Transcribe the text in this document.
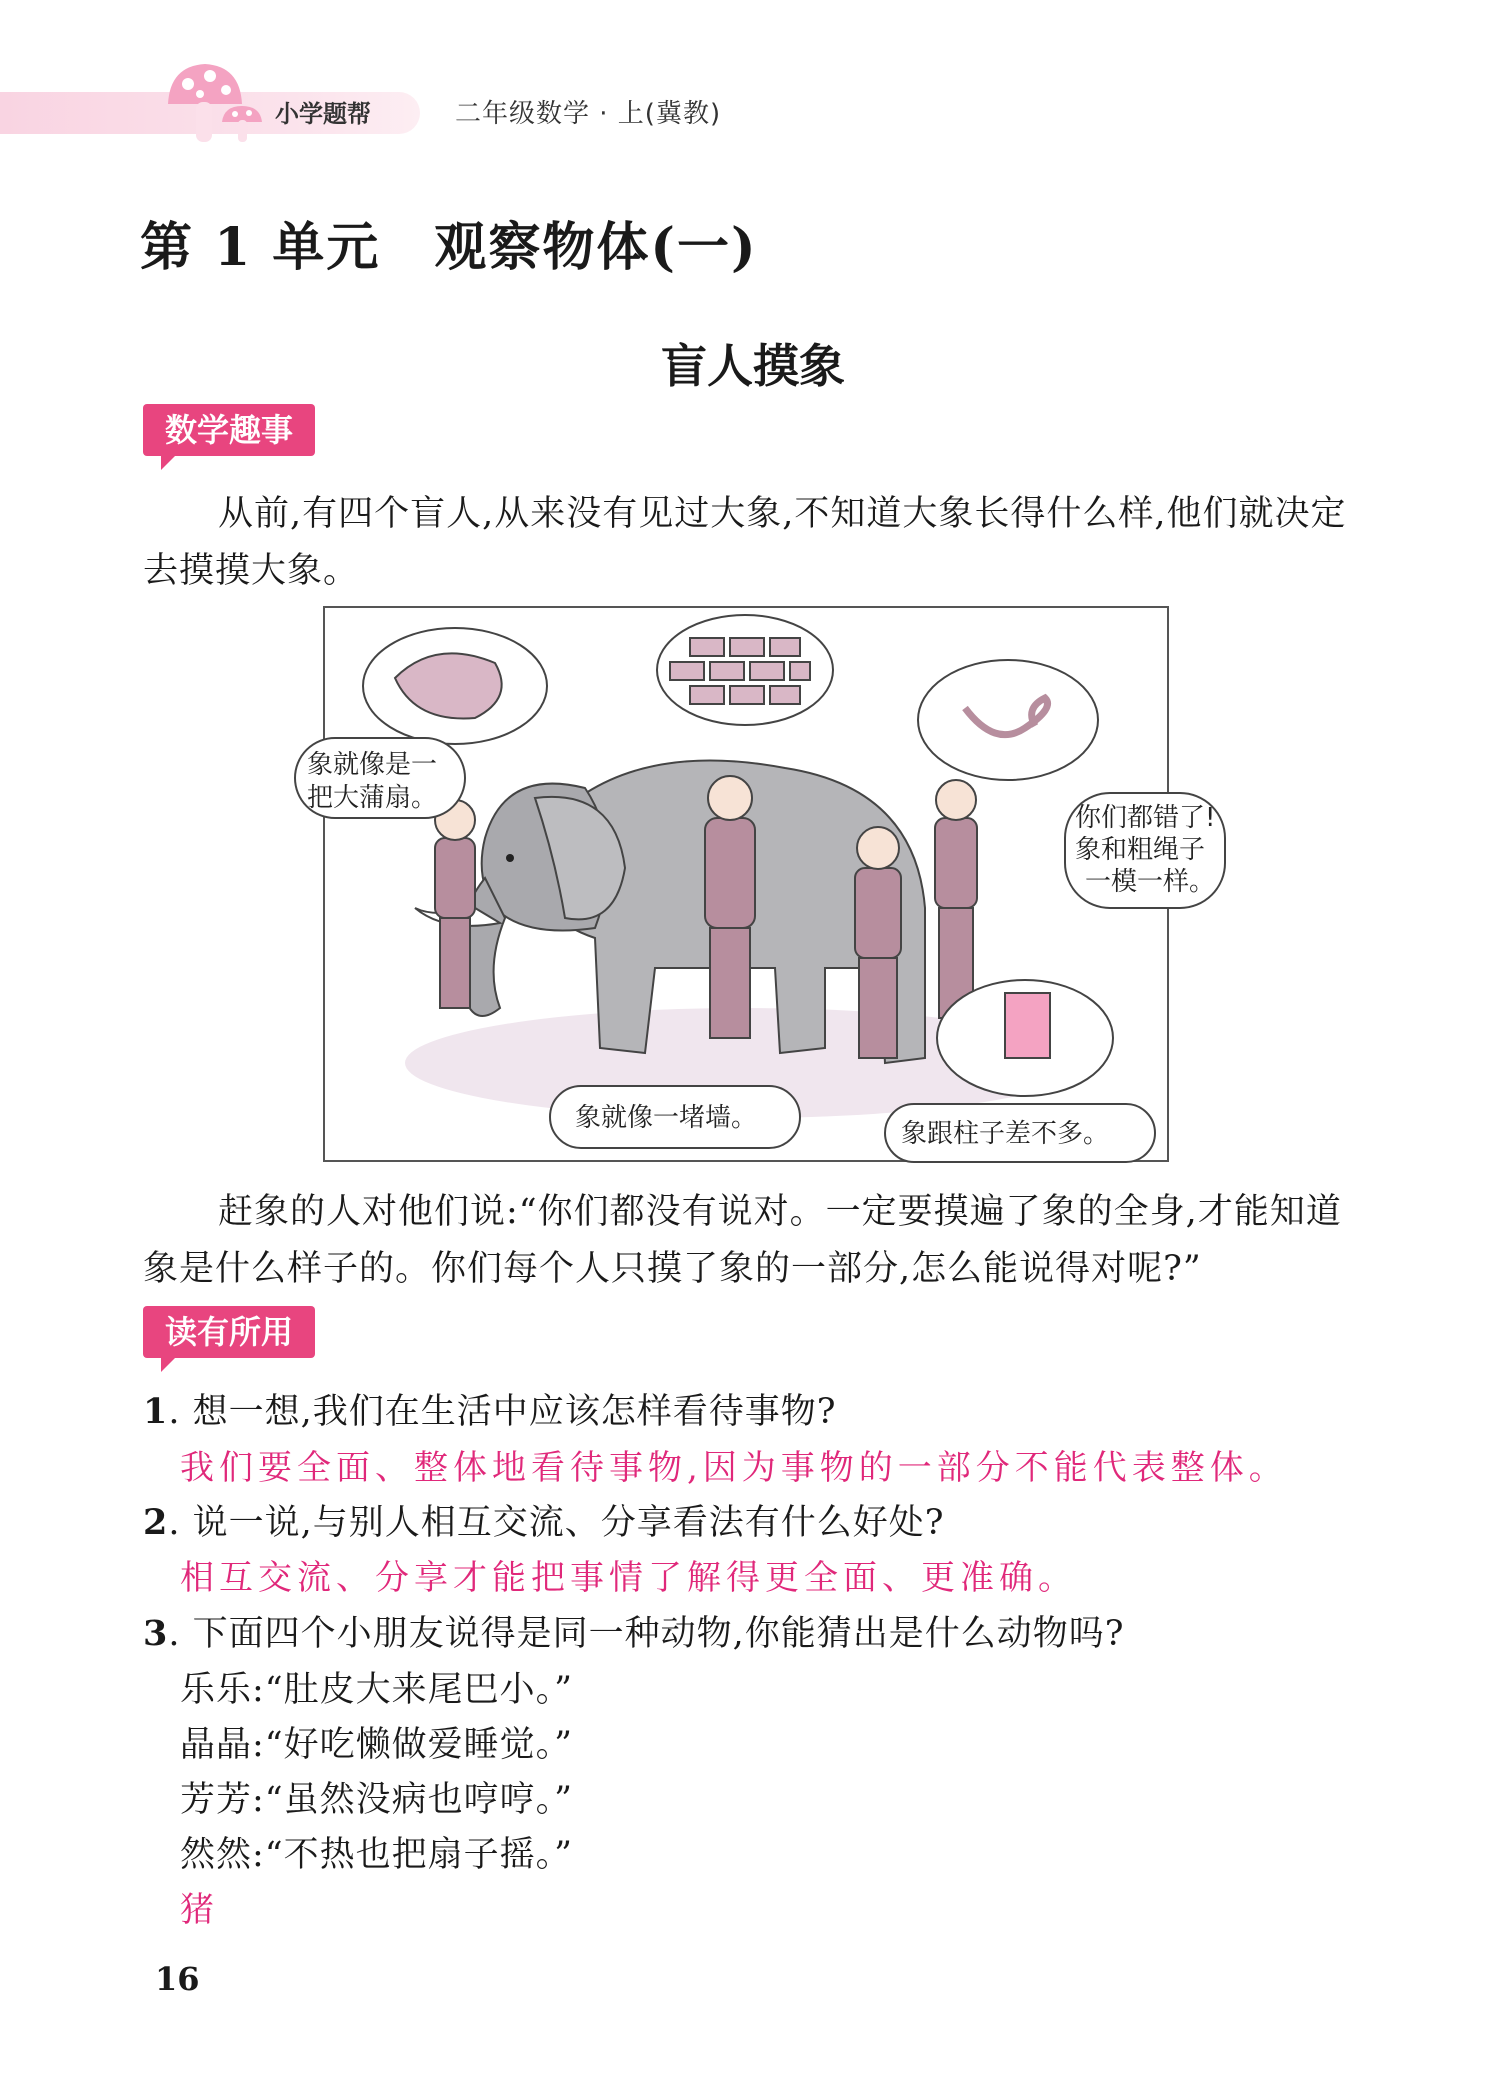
小学题帮	二年级数学 · 上(冀教)
第 1 单元　观察物体(一)
盲人摸象
数学趣事
从前,有四个盲人,从来没有见过大象,不知道大象长得什么样,他们就决定去摸摸大象。
象就像是一
把大蒲扇。
你们都错了!
象和粗绳子
一模一样。
象就像一堵墙。
象跟柱子差不多。
赶象的人对他们说:“你们都没有说对。一定要摸遍了象的全身,才能知道象是什么样子的。你们每个人只摸了象的一部分,怎么能说得对呢?”
读有所用
1. 想一想,我们在生活中应该怎样看待事物?
我们要全面、整体地看待事物,因为事物的一部分不能代表整体。
2. 说一说,与别人相互交流、分享看法有什么好处?
相互交流、分享才能把事情了解得更全面、更准确。
3. 下面四个小朋友说得是同一种动物,你能猜出是什么动物吗?
乐乐:“肚皮大来尾巴小。”
晶晶:“好吃懒做爱睡觉。”
芳芳:“虽然没病也哼哼。”
然然:“不热也把扇子摇。”
猪
16
